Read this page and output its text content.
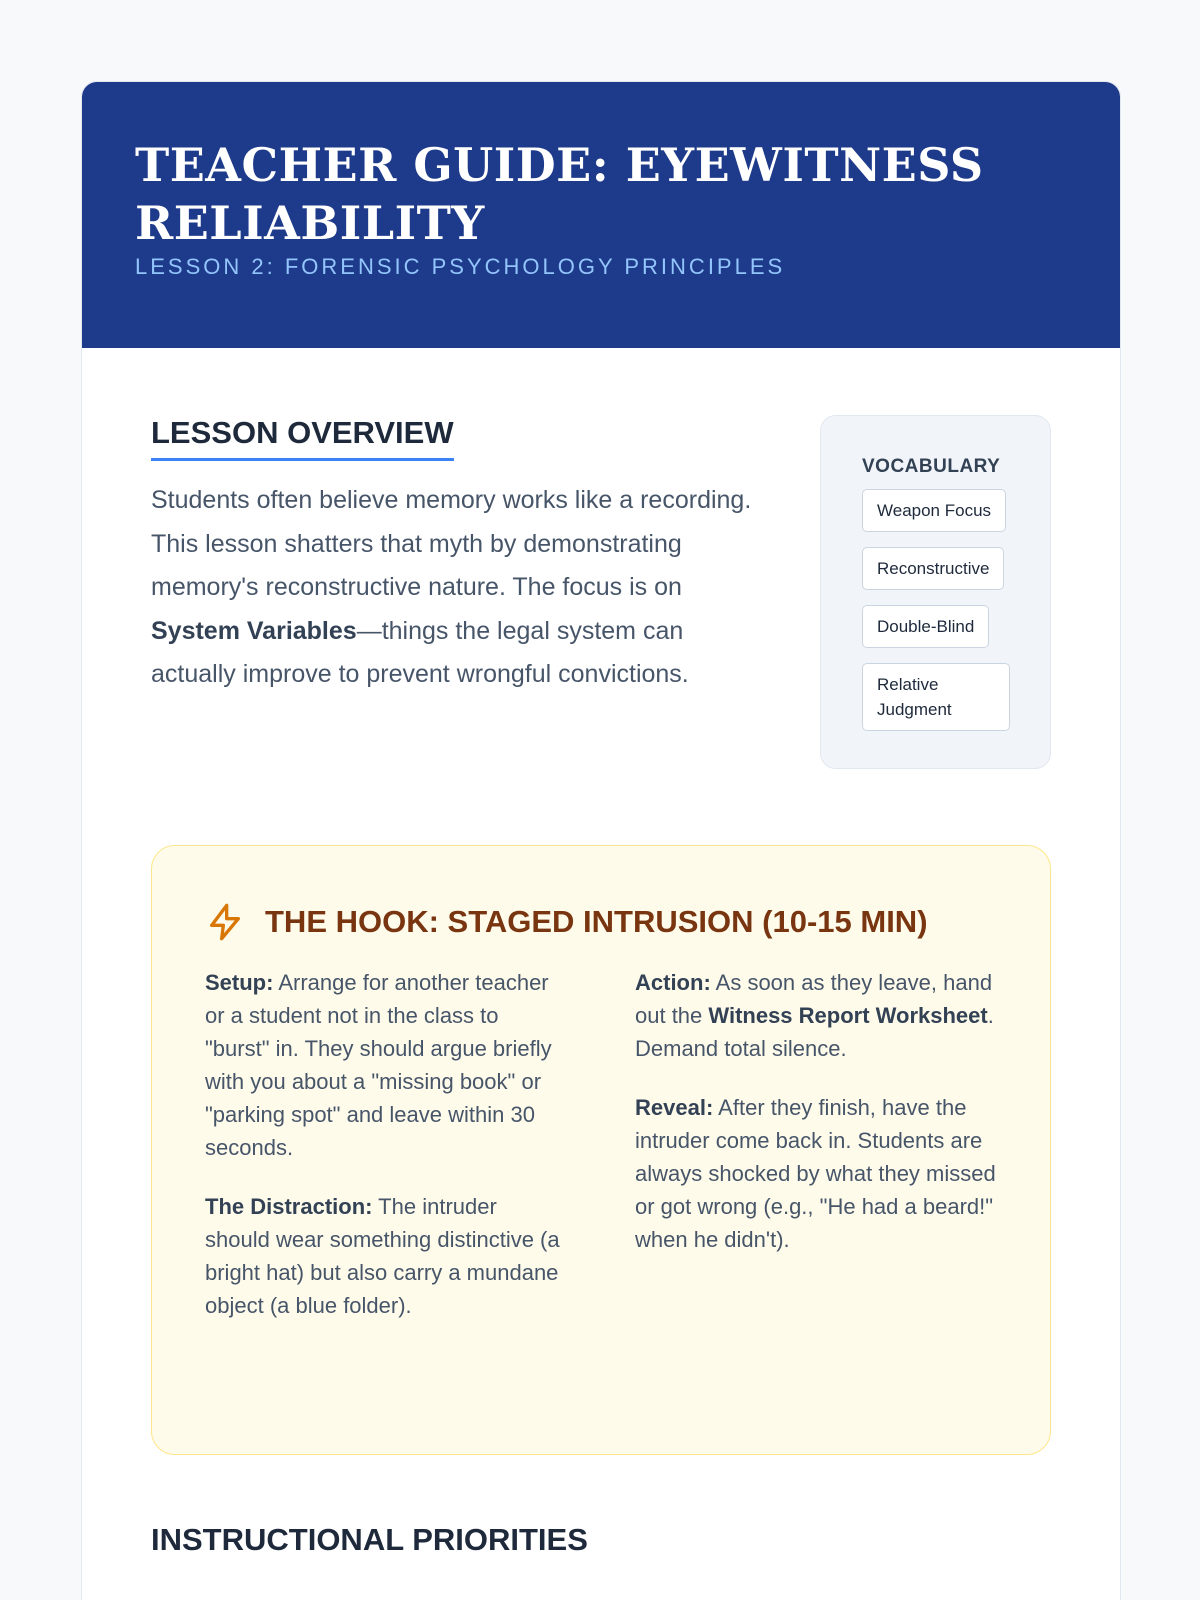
TEACHER GUIDE: EYEWITNESS RELIABILITY
LESSON 2: FORENSIC PSYCHOLOGY PRINCIPLES
LESSON OVERVIEW

Students often believe memory works like a recording. This lesson shatters that myth by demonstrating memory's reconstructive nature. The focus is on System Variables—things the legal system can actually improve to prevent wrongful convictions.

VOCABULARY
Weapon Focus
Reconstructive
Double-Blind
Relative Judgment
THE HOOK: STAGED INTRUSION (10-15 MIN)

Setup: Arrange for another teacher or a student not in the class to "burst" in. They should argue briefly with you about a "missing book" or "parking spot" and leave within 30 seconds.

The Distraction: The intruder should wear something distinctive (a bright hat) but also carry a mundane object (a blue folder).

Action: As soon as they leave, hand out the Witness Report Worksheet. Demand total silence.

Reveal: After they finish, have the intruder come back in. Students are always shocked by what they missed or got wrong (e.g., "He had a beard!" when he didn't).

INSTRUCTIONAL PRIORITIES
